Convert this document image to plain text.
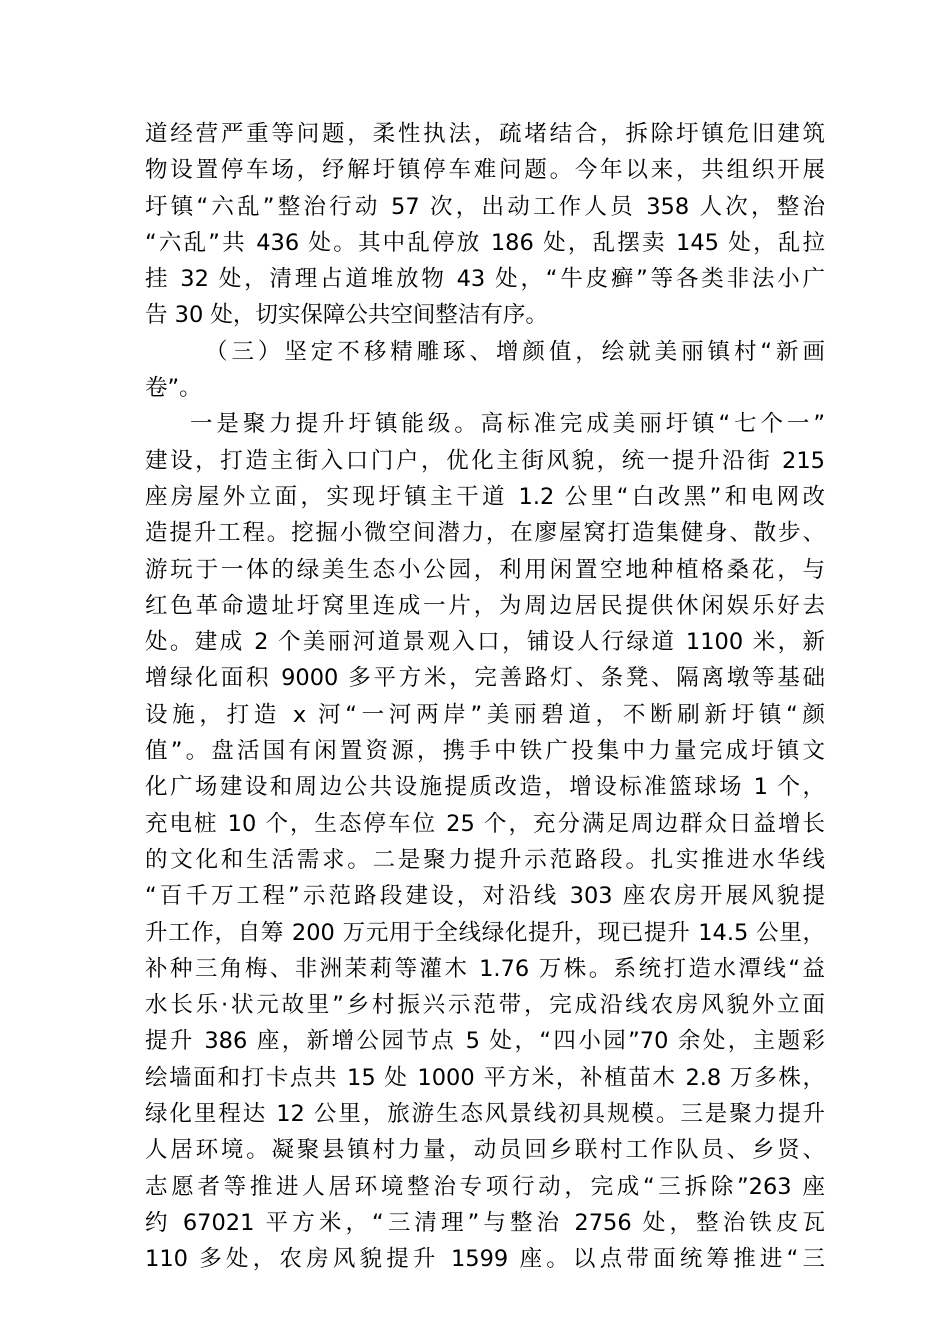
道经营严重等问题，柔性执法，疏堵结合，拆除圩镇危旧建筑
物设置停车场，纾解圩镇停车难问题。今年以来，共组织开展
圩镇“六乱”整治行动 57 次，出动工作人员 358 人次，整治
“六乱”共 436 处。其中乱停放 186 处，乱摆卖 145 处，乱拉
挂 32 处，清理占道堆放物 43 处，“牛皮癣”等各类非法小广
告 30 处，切实保障公共空间整洁有序。
（三）坚定不移精雕琢、增颜值，绘就美丽镇村“新画
卷”。
一是聚力提升圩镇能级。高标准完成美丽圩镇“七个一”
建设，打造主街入口门户，优化主街风貌，统一提升沿街 215
座房屋外立面，实现圩镇主干道 1.2 公里“白改黑”和电网改
造提升工程。挖掘小微空间潜力，在廖屋窝打造集健身、散步、
游玩于一体的绿美生态小公园，利用闲置空地种植格桑花，与
红色革命遗址圩窝里连成一片，为周边居民提供休闲娱乐好去
处。建成 2 个美丽河道景观入口，铺设人行绿道 1100 米，新
增绿化面积 9000 多平方米，完善路灯、条凳、隔离墩等基础
设施，打造 x 河“一河两岸”美丽碧道，不断刷新圩镇“颜
值”。盘活国有闲置资源，携手中铁广投集中力量完成圩镇文
化广场建设和周边公共设施提质改造，增设标准篮球场 1 个，
充电桩 10 个，生态停车位 25 个，充分满足周边群众日益增长
的文化和生活需求。二是聚力提升示范路段。扎实推进水华线
“百千万工程”示范路段建设，对沿线 303 座农房开展风貌提
升工作，自筹 200 万元用于全线绿化提升，现已提升 14.5 公里，
补种三角梅、非洲茉莉等灌木 1.76 万株。系统打造水潭线“益
水长乐·状元故里”乡村振兴示范带，完成沿线农房风貌外立面
提升 386 座，新增公园节点 5 处，“四小园”70 余处，主题彩
绘墙面和打卡点共 15 处 1000 平方米，补植苗木 2.8 万多株，
绿化里程达 12 公里，旅游生态风景线初具规模。三是聚力提升
人居环境。凝聚县镇村力量，动员回乡联村工作队员、乡贤、
志愿者等推进人居环境整治专项行动，完成“三拆除”263 座
约 67021 平方米，“三清理”与整治 2756 处，整治铁皮瓦
110 多处，农房风貌提升 1599 座。以点带面统筹推进“三
